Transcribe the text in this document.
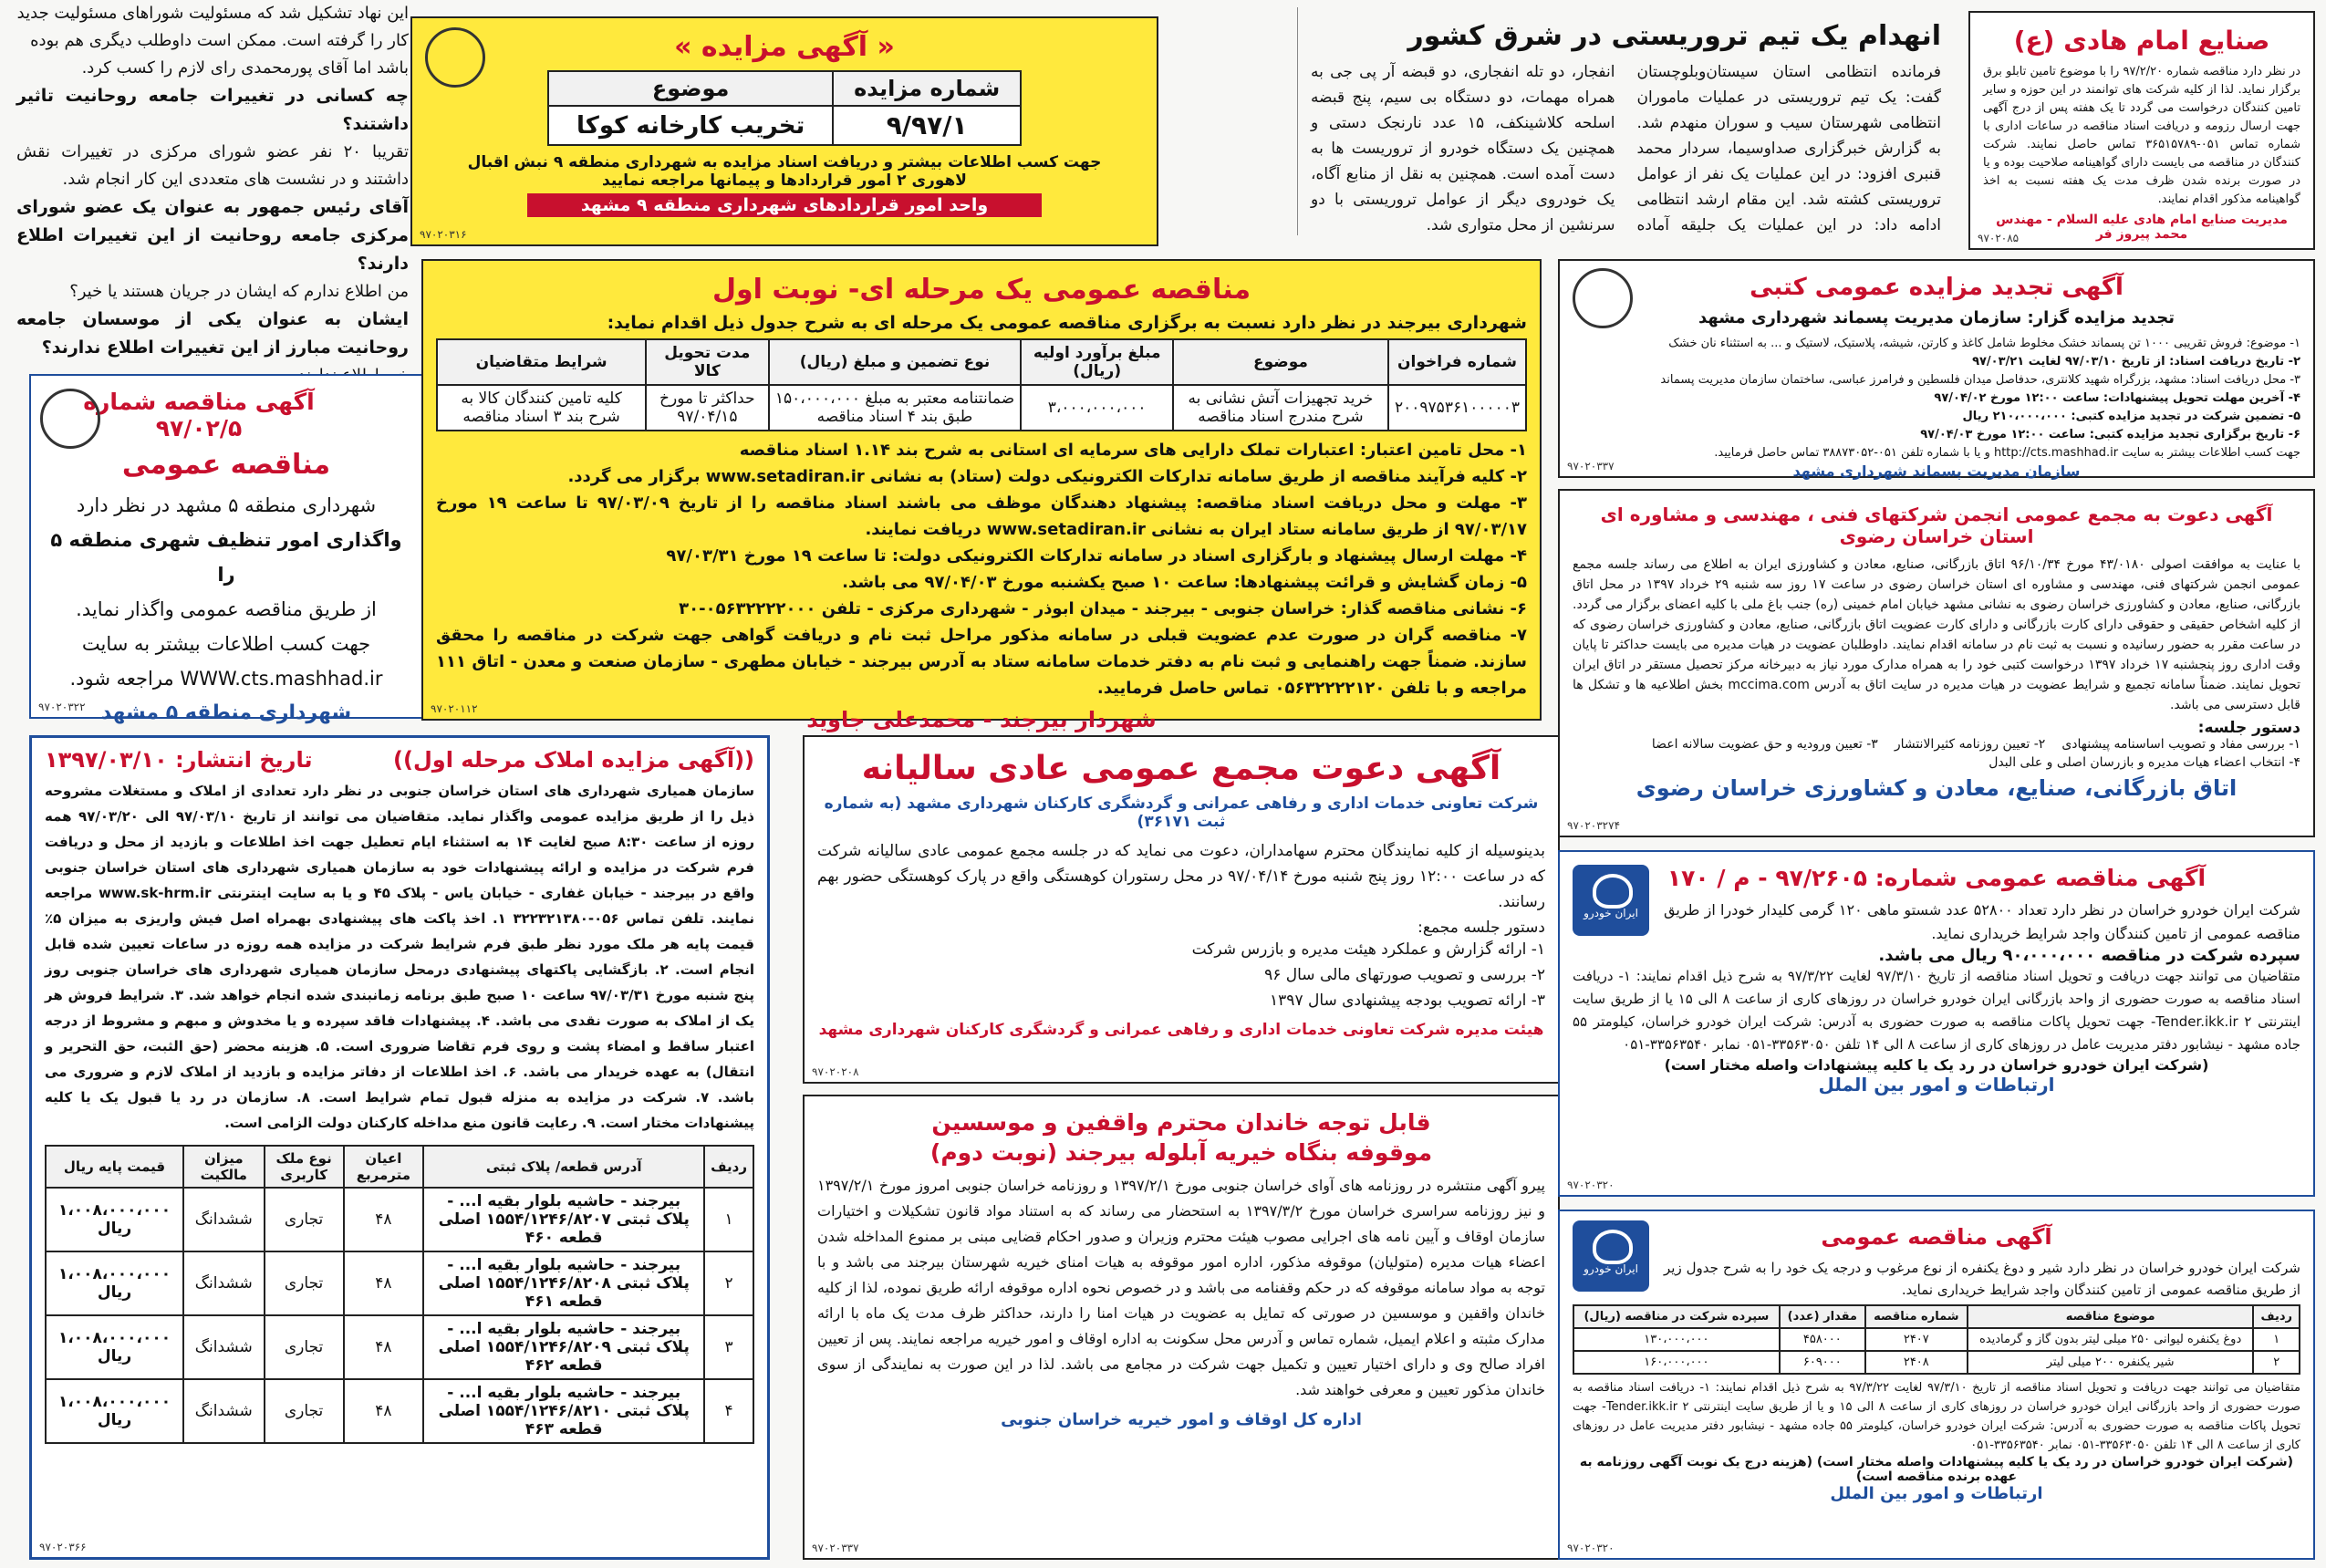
صنایع امام هادی (ع)

در نظر دارد مناقصه شماره ۹۷/۲/۲۰ را با موضوع تامین تابلو برق برگزار نماید. لذا از کلیه شرکت های توانمند در این حوزه و سایر تامین کنندگان درخواست می گردد تا یک هفته پس از درج آگهی جهت ارسال رزومه و دریافت اسناد مناقصه در ساعات اداری با شماره تماس ۰۵۱-۳۶۵۱۵۷۸۹ تماس حاصل نمایند. شرکت کنندگان در مناقصه می بایست دارای گواهینامه صلاحیت بوده و یا در صورت برنده شدن ظرف مدت یک هفته نسبت به اخذ گواهینامه مذکور اقدام نمایند.

مدیریت صنایع امام هادی علیه السلام - مهندس محمد پیروز فر
۹۷۰۲۰۸۵
انهدام یک تیم تروریستی در شرق کشور

فرمانده انتظامی استان سیستان‌وبلوچستان گفت: یک تیم تروریستی در عملیات ماموران انتظامی شهرستان سیب و سوران منهدم شد. به گزارش خبرگزاری صداوسیما، سردار محمد قنبری افزود: در این عملیات یک نفر از عوامل تروریستی کشته شد. این مقام ارشد انتظامی ادامه داد: در این عملیات یک جلیقه آماده انفجار، دو تله انفجاری، دو قبضه آر پی جی به همراه مهمات، دو دستگاه بی سیم، پنج قبضه اسلحه کلاشینکف، ۱۵ عدد نارنجک دستی و همچنین یک دستگاه خودرو از تروریست ها به دست آمده است. همچنین به نقل از منابع آگاه، یک خودروی دیگر از عوامل تروریستی با دو سرنشین از محل متواری شد.

« آگهی مزایده »
شماره مزایده	موضوع
۹/۹۷/۱	تخریب کارخانه کوکا
جهت کسب اطلاعات بیشتر و دریافت اسناد مزایده به شهرداری منطقه ۹ نبش اقبال لاهوری ۲ امور قراردادها و پیمانها مراجعه نمایید
واحد امور قراردادهای شهرداری منطقه ۹ مشهد
۹۷۰۲۰۳۱۶
این نهاد تشکیل شد که مسئولیت شوراهای مسئولیت جدید
کار را گرفته است. ممکن است داوطلب دیگری هم بوده
باشد اما آقای پورمحمدی رای لازم را کسب کرد.
چه کسانی در تغییرات جامعه روحانیت تاثیر داشتند؟
تقریبا ۲۰ نفر عضو شورای مرکزی در تغییرات نقش داشتند و در نشست های متعددی این کار انجام شد.
آقای رئیس جمهور به عنوان یک عضو شورای مرکزی جامعه روحانیت از این تغییرات اطلاع دارند؟
من اطلاع ندارم که ایشان در جریان هستند یا خیر؟
ایشان به عنوان یکی از موسسان جامعه روحانیت مبارز از این تغییرات اطلاع ندارند؟
آگهی مناقصه شماره ۹۷/۰۲/۵
مناقصه عمومی
شهرداری منطقه ۵ مشهد در نظر دارد
واگذاری امور تنظیف شهری منطقه ۵ را
از طریق مناقصه عمومی واگذار نماید.
جهت کسب اطلاعات بیشتر به سایت
WWW.cts.mashhad.ir مراجعه شود.
شهرداری منطقه ۵ مشهد
۹۷۰۲۰۳۲۲
مناقصه عمومی یک مرحله ای- نوبت اول
شهرداری بیرجند در نظر دارد نسبت به برگزاری مناقصه عمومی یک مرحله ای به شرح جدول ذیل اقدام نماید:
شماره فراخوان	موضوع	مبلغ برآورد اولیه (ریال)	نوع تضمین و مبلغ (ریال)	مدت تحویل کالا	شرایط متقاضیان
۲۰۰۹۷۵۳۶۱۰۰۰۰۰۳	خرید تجهیزات آتش نشانی به شرح مندرج اسناد مناقصه	۳،۰۰۰،۰۰۰،۰۰۰	ضمانتنامه معتبر به مبلغ ۱۵۰،۰۰۰،۰۰۰ طبق بند ۴ اسناد مناقصه	حداکثر تا مورخ ۹۷/۰۴/۱۵	کلیه تامین کنندگان کالا به شرح بند ۳ اسناد مناقصه
۱- محل تامین اعتبار: اعتبارات تملک دارایی های سرمایه ای استانی به شرح بند ۱.۱۴ اسناد مناقصه
۲- کلیه فرآیند مناقصه از طریق سامانه تدارکات الکترونیکی دولت (ستاد) به نشانی www.setadiran.ir برگزار می گردد.
۳- مهلت و محل دریافت اسناد مناقصه: پیشنهاد دهندگان موظف می باشند اسناد مناقصه را از تاریخ ۹۷/۰۳/۰۹ تا ساعت ۱۹ مورخ ۹۷/۰۳/۱۷ از طریق سامانه ستاد ایران به نشانی www.setadiran.ir دریافت نمایند.
۴- مهلت ارسال پیشنهاد و بارگزاری اسناد در سامانه تدارکات الکترونیکی دولت: تا ساعت ۱۹ مورخ ۹۷/۰۳/۳۱
۵- زمان گشایش و قرائت پیشنهادها: ساعت ۱۰ صبح یکشنبه مورخ ۹۷/۰۴/۰۳ می باشد.
۶- نشانی مناقصه گذار: خراسان جنوبی - بیرجند - میدان ابوذر - شهرداری مرکزی - تلفن ۰۵۶۳۲۲۲۲۰۰۰-۳۰
۷- مناقصه گران در صورت عدم عضویت قبلی در سامانه مذکور مراحل ثبت نام و دریافت گواهی جهت شرکت در مناقصه را محقق سازند. ضمناً جهت راهنمایی و ثبت نام به دفتر خدمات سامانه ستاد به آدرس بیرجند - خیابان مطهری - سازمان صنعت و معدن - اتاق ۱۱۱ مراجعه و با تلفن ۰۵۶۳۲۲۲۲۱۲۰ تماس حاصل فرمایید.
شهردار بیرجند - محمدعلی جاوید
۹۷۰۲۰۱۱۲
آگهی تجدید مزایده عمومی کتبی
تجدید مزایده گزار: سازمان مدیریت پسماند شهرداری مشهد
۱- موضوع: فروش تقریبی ۱۰۰۰ تن پسماند خشک مخلوط شامل کاغذ و کارتن، شیشه، پلاستیک، لاستیک و ... به استثناء نان خشک
۲- تاریخ دریافت اسناد: از تاریخ ۹۷/۰۳/۱۰ لغایت ۹۷/۰۳/۲۱
۳- محل دریافت اسناد: مشهد، بزرگراه شهید کلانتری، حدفاصل میدان فلسطین و فرامرز عباسی، ساختمان سازمان مدیریت پسماند
۴- آخرین مهلت تحویل پیشنهادات: ساعت ۱۲:۰۰ مورخ ۹۷/۰۴/۰۲
۵- تضمین شرکت در تجدید مزایده کتبی: ۲۱۰،۰۰۰،۰۰۰ ریال
۶- تاریخ برگزاری تجدید مزایده کتبی: ساعت ۱۲:۰۰ مورخ ۹۷/۰۴/۰۳
جهت کسب اطلاعات بیشتر به سایت http://cts.mashhad.ir و یا با شماره تلفن ۰۵۱-۳۸۸۷۳۰۵۲ تماس حاصل فرمایید.
سازمان مدیریت پسماند شهرداری مشهد
۹۷۰۲۰۳۳۷
آگهی دعوت به مجمع عمومی انجمن شرکتهای فنی ، مهندسی و مشاوره ای استان خراسان رضوی

با عنایت به موافقت اصولی ۴۳/۰۱۸۰ مورخ ۹۶/۱۰/۳۴ اتاق بازرگانی، صنایع، معادن و کشاورزی ایران به اطلاع می رساند جلسه مجمع عمومی انجمن شرکتهای فنی، مهندسی و مشاوره ای استان خراسان رضوی در ساعت ۱۷ روز سه شنبه ۲۹ خرداد ۱۳۹۷ در محل اتاق بازرگانی، صنایع، معادن و کشاورزی خراسان رضوی به نشانی مشهد خیابان امام خمینی (ره) جنب باغ ملی با کلیه اعضای برگزار می گردد. از کلیه اشخاص حقیقی و حقوقی دارای کارت بازرگانی و دارای کارت عضویت اتاق بازرگانی، صنایع، معادن و کشاورزی خراسان رضوی که در ساعت مقرر به حضور رسانیده و نسبت به ثبت نام در سامانه اقدام نمایند. داوطلبان عضویت در هیات مدیره می بایست حداکثر تا پایان وقت اداری روز پنجشنبه ۱۷ خرداد ۱۳۹۷ درخواست کتبی خود را به همراه مدارک مورد نیاز به دبیرخانه مرکز تحصیل مستقر در اتاق ایران تحویل نمایند. ضمناً سامانه تجمیع و شرایط عضویت در هیات مدیره در سایت اتاق به آدرس mccima.com بخش اطلاعیه ها و تشکل ها قابل دسترسی می باشد.

دستور جلسه:
۱- بررسی مفاد و تصویب اساسنامه پیشنهادی
۲- تعیین روزنامه کثیرالانتشار
۳- تعیین ورودیه و حق عضویت سالانه اعضا
۴- انتخاب اعضاء هیات مدیره و بازرسان اصلی و علی البدل
اتاق بازرگانی، صنایع، معادن و کشاورزی خراسان رضوی
۹۷۰۲۰۳۲۷۴
((آگهی مزایده املاک مرحله اول))
تاریخ انتشار: ۱۳۹۷/۰۳/۱۰

سازمان همیاری شهرداری های استان خراسان جنوبی در نظر دارد تعدادی از املاک و مستغلات مشروحه ذیل را از طریق مزایده عمومی واگذار نماید. متقاضیان می توانند از تاریخ ۹۷/۰۳/۱۰ الی ۹۷/۰۳/۲۰ همه روزه از ساعت ۸:۳۰ صبح لغایت ۱۴ به استثناء ایام تعطیل جهت اخذ اطلاعات و بازدید از محل و دریافت فرم شرکت در مزایده و ارائه پیشنهادات خود به سازمان همیاری شهرداری های استان خراسان جنوبی واقع در بیرجند - خیابان غفاری - خیابان یاس - پلاک ۴۵ و یا به سایت اینترنتی www.sk-hrm.ir مراجعه نمایند. تلفن تماس ۰۵۶-۳۲۲۳۲۱۳۸۰ ۱. اخذ پاکت های پیشنهادی بهمراه اصل فیش واریزی به میزان ۵٪ قیمت پایه هر ملک مورد نظر طبق فرم شرایط شرکت در مزایده همه روزه در ساعات تعیین شده قابل انجام است. ۲. بازگشایی پاکتهای پیشنهادی درمحل سازمان همیاری شهرداری های خراسان جنوبی روز پنج شنبه مورخ ۹۷/۰۳/۳۱ ساعت ۱۰ صبح طبق برنامه زمانبندی شده انجام خواهد شد. ۳. شرایط فروش هر یک از املاک به صورت نقدی می باشد. ۴. پیشنهادات فاقد سپرده و یا مخدوش و مبهم و مشروط از درجه اعتبار ساقط و امضاء پشت و روی فرم تقاضا ضروری است. ۵. هزینه محضر (حق الثبت، حق التحریر و انتقال) به عهده خریدار می باشد. ۶. اخذ اطلاعات از دفاتر مزایده و بازدید از املاک لازم و ضروری می باشد. ۷. شرکت در مزایده به منزله قبول تمام شرایط است. ۸. سازمان در رد یا قبول یک یا کلیه پیشنهادات مختار است. ۹. رعایت قانون منع مداخله کارکنان دولت الزامی است.

ردیف	آدرس قطعه/ پلاک ثبتی	اعیان مترمربع	نوع ملک کاربری	میزان مالکیت	قیمت پایه ریال
۱	بیرجند - حاشیه بلوار بقیه ا... - پلاک ثبتی ۱۵۵۴/۱۲۴۶/۸۲۰۷ اصلی قطعه ۴۶۰	۴۸	تجاری	ششدانگ	۱،۰۰۸،۰۰۰،۰۰۰ ریال
۲	بیرجند - حاشیه بلوار بقیه ا... - پلاک ثبتی ۱۵۵۴/۱۲۴۶/۸۲۰۸ اصلی قطعه ۴۶۱	۴۸	تجاری	ششدانگ	۱،۰۰۸،۰۰۰،۰۰۰ ریال
۳	بیرجند - حاشیه بلوار بقیه ا... - پلاک ثبتی ۱۵۵۴/۱۲۴۶/۸۲۰۹ اصلی قطعه ۴۶۲	۴۸	تجاری	ششدانگ	۱،۰۰۸،۰۰۰،۰۰۰ ریال
۴	بیرجند - حاشیه بلوار بقیه ا... - پلاک ثبتی ۱۵۵۴/۱۲۴۶/۸۲۱۰ اصلی قطعه ۴۶۳	۴۸	تجاری	ششدانگ	۱،۰۰۸،۰۰۰،۰۰۰ ریال
۹۷۰۲۰۳۶۶
آگهی دعوت مجمع عمومی عادی سالیانه
شرکت تعاونی خدمات اداری و رفاهی عمرانی و گردشگری کارکنان شهرداری مشهد (به شماره ثبت ۳۶۱۷۱)

بدینوسیله از کلیه نمایندگان محترم سهامداران، دعوت می نماید که در جلسه مجمع عمومی عادی سالیانه شرکت که در ساعت ۱۲:۰۰ روز پنج شنبه مورخ ۹۷/۰۴/۱۴ در محل رستوران کوهستگی واقع در پارک کوهستگی حضور بهم رسانند.

دستور جلسه مجمع:
۱- ارائه گزارش و عملکرد هیئت مدیره و بازرس شرکت
۲- بررسی و تصویب صورتهای مالی سال ۹۶
۳- ارائه تصویب بودجه پیشنهادی سال ۱۳۹۷
هیئت مدیره شرکت تعاونی خدمات اداری و رفاهی عمرانی و گردشگری کارکنان شهرداری مشهد
۹۷۰۲۰۲۰۸
قابل توجه خاندان محترم واقفین و موسسین
موقوفه بنگاه خیریه آبلوله بیرجند (نوبت دوم)

پیرو آگهی منتشره در روزنامه های آوای خراسان جنوبی مورخ ۱۳۹۷/۲/۱ و روزنامه خراسان جنوبی امروز مورخ ۱۳۹۷/۲/۱ و نیز روزنامه سراسری خراسان مورخ ۱۳۹۷/۳/۲ به استحضار می رساند که به استناد مواد قانون تشکیلات و اختیارات سازمان اوقاف و آیین نامه های اجرایی مصوب هیئت محترم وزیران و صدور احکام قضایی مبنی بر ممنوع المداخله شدن اعضاء هیات مدیره (متولیان) موقوفه مذکور، اداره امور موقوفه به هیات امنای خیریه شهرستان بیرجند می باشد و با توجه به مواد سامانه موقوفه که در حکم وقفنامه می باشد و در خصوص نحوه اداره موقوفه ارائه طریق نموده، لذا از کلیه خاندان واقفین و موسسین در صورتی که تمایل به عضویت در هیات امنا را دارند، حداکثر ظرف مدت یک ماه با ارائه مدارک مثبته و اعلام ایمیل، شماره تماس و آدرس محل سکونت به اداره اوقاف و امور خیریه مراجعه نمایند. پس از تعیین افراد صالح وی و دارای اختیار تعیین و تکمیل جهت شرکت در مجامع می باشد. لذا در این صورت به نمایندگی از سوی خاندان مذکور تعیین و معرفی خواهند شد.

اداره کل اوقاف و امور خیریه خراسان جنوبی
۹۷۰۲۰۳۳۷
ایران خودرو
آگهی مناقصه عمومی شماره: ۹۷/۲۶۰۵ - م / ۱۷۰

شرکت ایران خودرو خراسان در نظر دارد تعداد ۵۲۸۰۰ عدد شستو ماهی ۱۲۰ گرمی کلیدار خودرا از طریق مناقصه عمومی از تامین کنندگان واجد شرایط خریداری نماید.

سپرده شرکت در مناقصه ۹۰،۰۰۰،۰۰۰ ریال می باشد.

متقاضیان می توانند جهت دریافت و تحویل اسناد مناقصه از تاریخ ۹۷/۳/۱۰ لغایت ۹۷/۳/۲۲ به شرح ذیل اقدام نمایند: ۱- دریافت اسناد مناقصه به صورت حضوری از واحد بازرگانی ایران خودرو خراسان در روزهای کاری از ساعت ۸ الی ۱۵ یا از طریق سایت اینترنتی Tender.ikk.ir ۲- جهت تحویل پاکات مناقصه به صورت حضوری به آدرس: شرکت ایران خودرو خراسان، کیلومتر ۵۵ جاده مشهد - نیشابور دفتر مدیریت عامل در روزهای کاری از ساعت ۸ الی ۱۴ تلفن ۳۳۵۶۳۰۵۰-۰۵۱ نمابر ۳۳۵۶۳۵۴۰-۰۵۱

(شرکت ایران خودرو خراسان در رد یک یا کلیه پیشنهادات واصله مختار است)
ارتباطات و امور بین الملل
۹۷۰۲۰۳۲۰
ایران خودرو
آگهی مناقصه عمومی

شرکت ایران خودرو خراسان در نظر دارد شیر و دوغ یکنفره از نوع مرغوب و درجه یک خود را به شرح جدول زیر از طریق مناقصه عمومی از تامین کنندگان واجد شرایط خریداری نماید.

ردیف	موضوع مناقصه	شماره مناقصه	مقدار (عدد)	سپرده شرکت در مناقصه (ریال)
۱	دوغ یکنفره لیوانی ۲۵۰ میلی لیتر بدون گاز و گرمادیده	۲۴۰۷	۴۵۸۰۰۰	۱۳۰،۰۰۰،۰۰۰
۲	شیر یکنفره ۲۰۰ میلی لیتر	۲۴۰۸	۶۰۹۰۰۰	۱۶۰،۰۰۰،۰۰۰

متقاضیان می توانند جهت دریافت و تحویل اسناد مناقصه از تاریخ ۹۷/۳/۱۰ لغایت ۹۷/۳/۲۲ به شرح ذیل اقدام نمایند: ۱- دریافت اسناد مناقصه به صورت حضوری از واحد بازرگانی ایران خودرو خراسان در روزهای کاری از ساعت ۸ الی ۱۵ و یا از طریق سایت اینترنتی Tender.ikk.ir ۲- جهت تحویل پاکات مناقصه به صورت حضوری به آدرس: شرکت ایران خودرو خراسان، کیلومتر ۵۵ جاده مشهد - نیشابور دفتر مدیریت عامل در روزهای کاری از ساعت ۸ الی ۱۴ تلفن ۳۳۵۶۳۰۵۰-۰۵۱ نمابر ۳۳۵۶۳۵۴۰-۰۵۱

(شرکت ایران خودرو خراسان در رد یک یا کلیه پیشنهادات واصله مختار است) (هزینه درج یک نوبت آگهی روزنامه به عهده برنده مناقصه است)
ارتباطات و امور بین الملل
۹۷۰۲۰۳۲۰
